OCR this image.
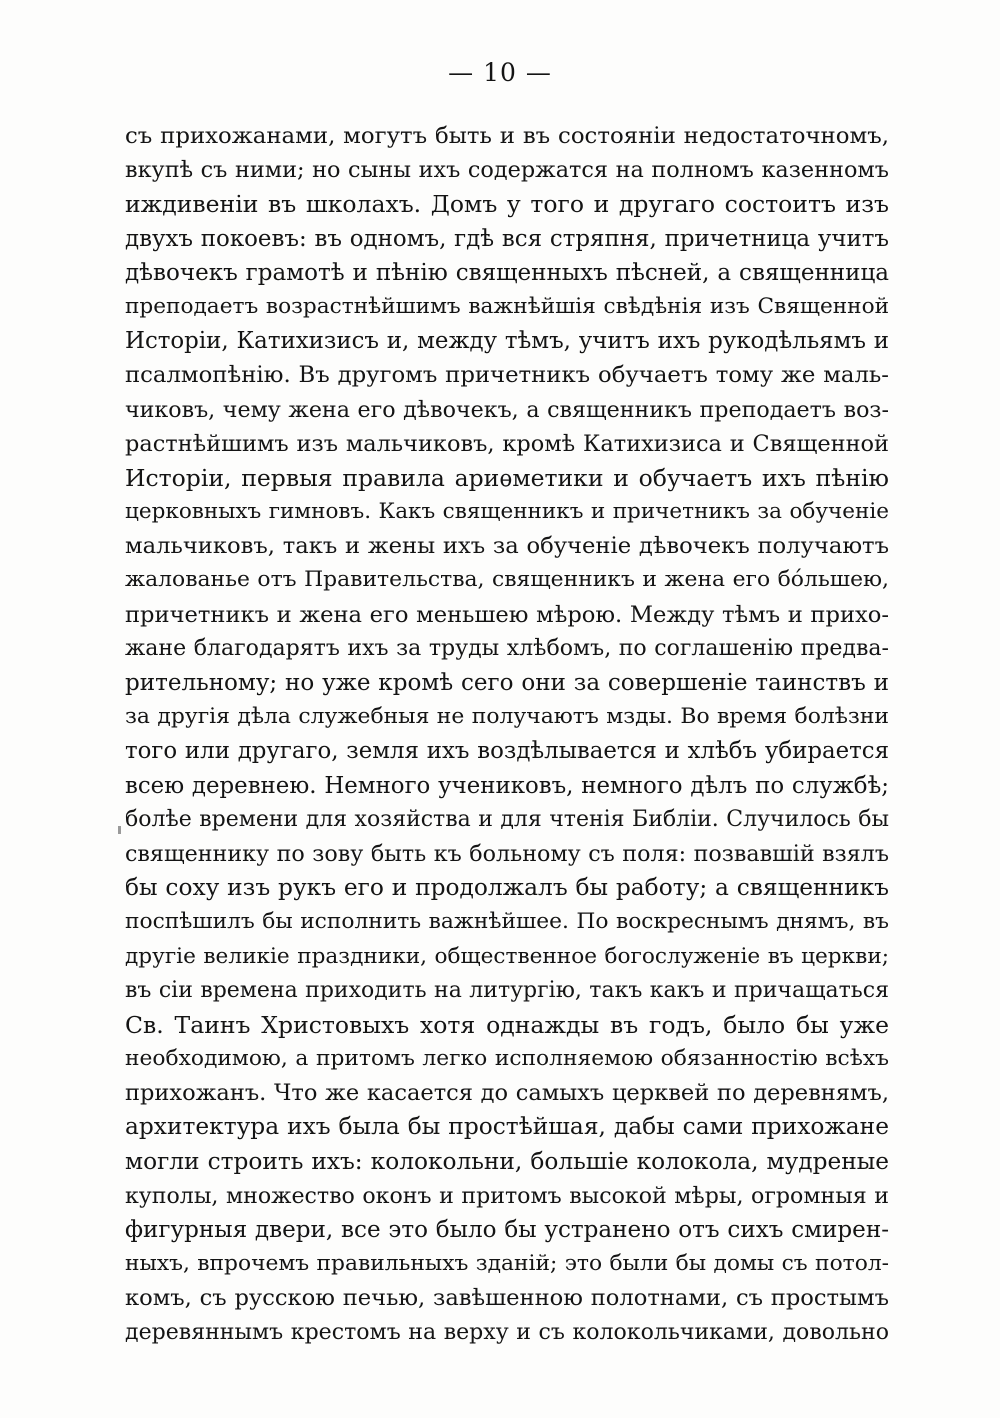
— 10 —
съ прихожанами, могутъ быть и въ состояніи недостаточномъ,
вкупѣ съ ними; но сыны ихъ содержатся на полномъ казенномъ
иждивеніи въ школахъ. Домъ у того и другаго состоитъ изъ
двухъ покоевъ: въ одномъ, гдѣ вся стряпня, причетница учитъ
дѣвочекъ грамотѣ и пѣнію священныхъ пѣсней, а священница
преподаетъ возрастнѣйшимъ важнѣйшія свѣдѣнія изъ Священной
Исторіи, Катихизисъ и, между тѣмъ, учитъ ихъ рукодѣльямъ и
псалмопѣнію. Въ другомъ причетникъ обучаетъ тому же маль-
чиковъ, чему жена его дѣвочекъ, а священникъ преподаетъ воз-
растнѣйшимъ изъ мальчиковъ, кромѣ Катихизиса и Священной
Исторіи, первыя правила ариѳметики и обучаетъ ихъ пѣнію
церковныхъ гимновъ. Какъ священникъ и причетникъ за обученіе
мальчиковъ, такъ и жены ихъ за обученіе дѣвочекъ получаютъ
жалованье отъ Правительства, священникъ и жена его бо́льшею,
причетникъ и жена его меньшею мѣрою. Между тѣмъ и прихо-
жане благодарятъ ихъ за труды хлѣбомъ, по соглашенію предва-
рительному; но уже кромѣ сего они за совершеніе таинствъ и
за другія дѣла служебныя не получаютъ мзды. Во время болѣзни
того или другаго, земля ихъ воздѣлывается и хлѣбъ убирается
всею деревнею. Немного учениковъ, немного дѣлъ по службѣ;
болѣе времени для хозяйства и для чтенія Библіи. Случилось бы
священнику по зову быть къ больному съ поля: позвавшій взялъ
бы соху изъ рукъ его и продолжалъ бы работу; а священникъ
поспѣшилъ бы исполнить важнѣйшее. По воскреснымъ днямъ, въ
другіе великіе праздники, общественное богослуженіе въ церкви;
въ сіи времена приходить на литургію, такъ какъ и причащаться
Св. Таинъ Христовыхъ хотя однажды въ годъ, было бы уже
необходимою, а притомъ легко исполняемою обязанностію всѣхъ
прихожанъ. Что же касается до самыхъ церквей по деревнямъ,
архитектура ихъ была бы простѣйшая, дабы сами прихожане
могли строить ихъ: колокольни, большіе колокола, мудреные
куполы, множество оконъ и притомъ высокой мѣры, огромныя и
фигурныя двери, все это было бы устранено отъ сихъ смирен-
ныхъ, впрочемъ правильныхъ зданій; это были бы домы съ потол-
комъ, съ русскою печью, завѣшенною полотнами, съ простымъ
деревяннымъ крестомъ на верху и съ колокольчиками, довольно
